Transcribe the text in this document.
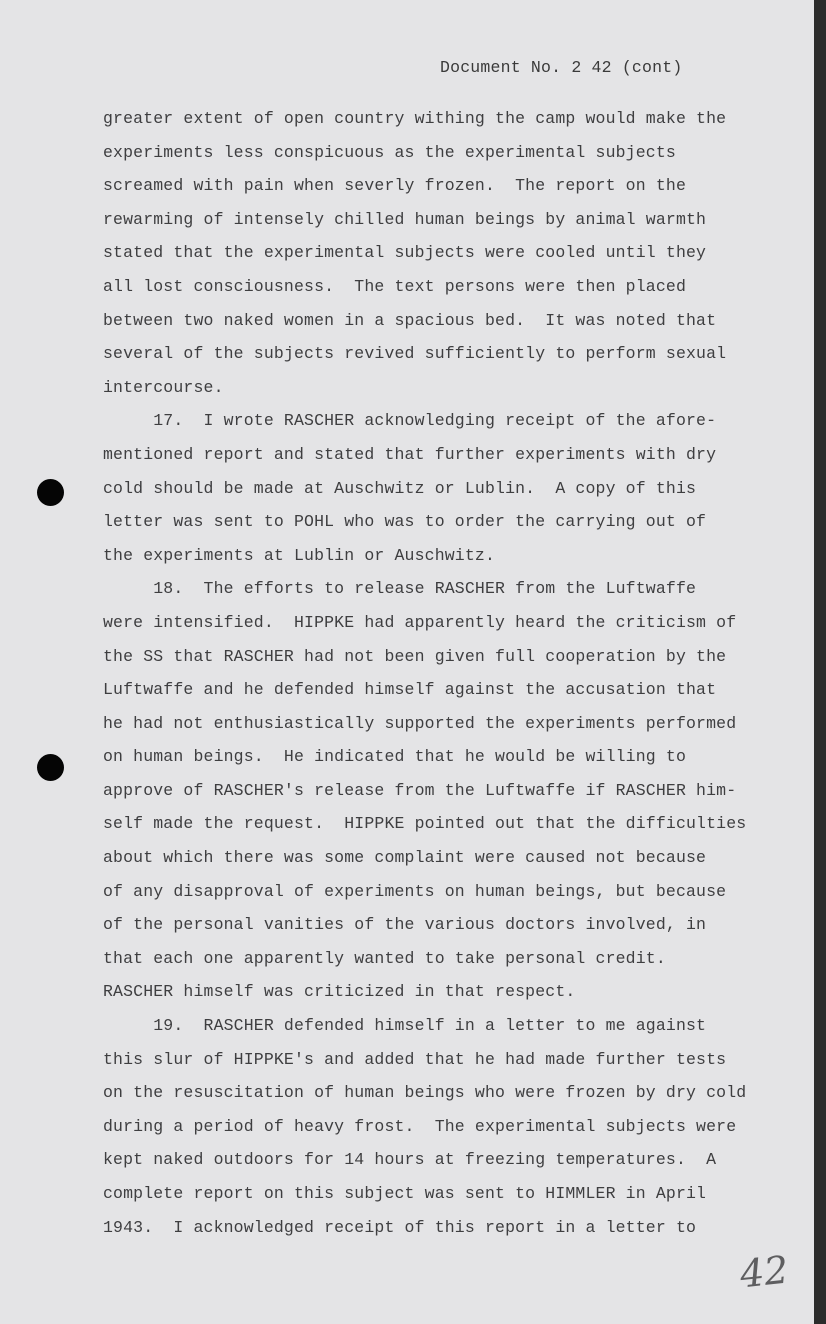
Document No. 2 42 (cont)
greater extent of open country withing the camp would make the
experiments less conspicuous as the experimental subjects
screamed with pain when severly frozen.  The report on the
rewarming of intensely chilled human beings by animal warmth
stated that the experimental subjects were cooled until they
all lost consciousness.  The text persons were then placed
between two naked women in a spacious bed.  It was noted that
several of the subjects revived sufficiently to perform sexual
intercourse.
17.  I wrote RASCHER acknowledging receipt of the afore-
mentioned report and stated that further experiments with dry
cold should be made at Auschwitz or Lublin.  A copy of this
letter was sent to POHL who was to order the carrying out of
the experiments at Lublin or Auschwitz.
18.  The efforts to release RASCHER from the Luftwaffe
were intensified.  HIPPKE had apparently heard the criticism of
the SS that RASCHER had not been given full cooperation by the
Luftwaffe and he defended himself against the accusation that
he had not enthusiastically supported the experiments performed
on human beings.  He indicated that he would be willing to
approve of RASCHER's release from the Luftwaffe if RASCHER him-
self made the request.  HIPPKE pointed out that the difficulties
about which there was some complaint were caused not because
of any disapproval of experiments on human beings, but because
of the personal vanities of the various doctors involved, in
that each one apparently wanted to take personal credit.
RASCHER himself was criticized in that respect.
19.  RASCHER defended himself in a letter to me against
this slur of HIPPKE's and added that he had made further tests
on the resuscitation of human beings who were frozen by dry cold
during a period of heavy frost.  The experimental subjects were
kept naked outdoors for 14 hours at freezing temperatures.  A
complete report on this subject was sent to HIMMLER in April
1943.  I acknowledged receipt of this report in a letter to
42
